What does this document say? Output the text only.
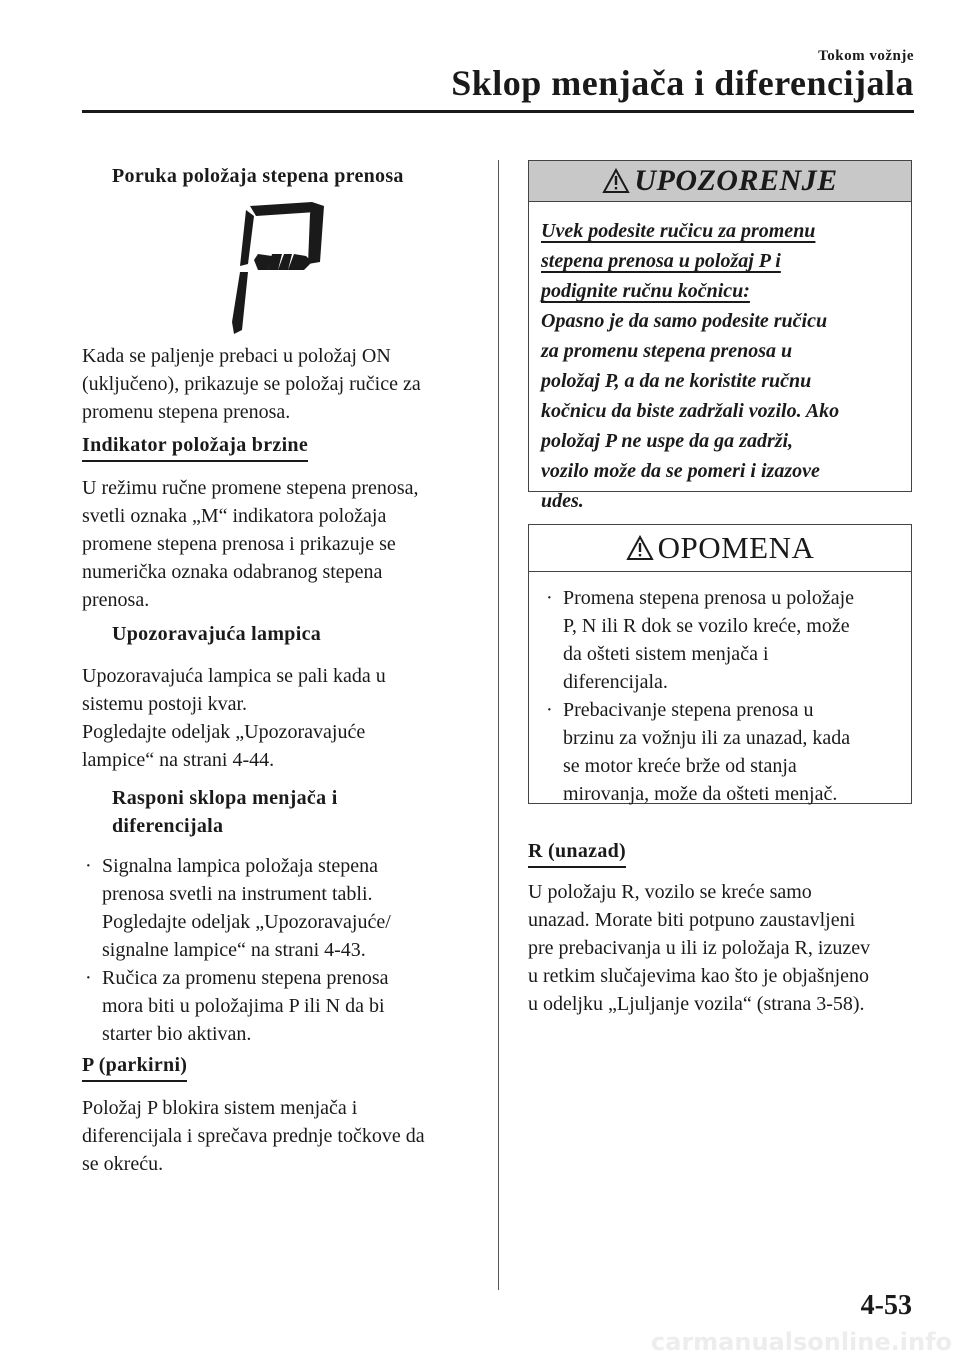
Tokom vožnje
Sklop menjača i diferencijala
Poruka položaja stepena prenosa

Kada se paljenje prebaci u položaj ON

(uključeno), prikazuje se položaj ručice za

promenu stepena prenosa.

Indikator položaja brzine

U režimu ručne promene stepena prenosa,

svetli oznaka „M“ indikatora položaja

promene stepena prenosa i prikazuje se

numerička oznaka odabranog stepena

prenosa.

Upozoravajuća lampica

Upozoravajuća lampica se pali kada u

sistemu postoji kvar.

Pogledajte odeljak „Upozoravajuće

lampice“ na strani 4-44.

Rasponi sklopa menjača i
diferencijala
· Signalna lampica položaja stepena
prenosa svetli na instrument tabli.
Pogledajte odeljak „Upozoravajuće/
signalne lampice“ na strani 4-43.
· Ručica za promenu stepena prenosa
mora biti u položajima P ili N da bi
starter bio aktivan.
P (parkirni)

Položaj P blokira sistem menjača i

diferencijala i sprečava prednje točkove da

se okreću.

UPOZORENJE
Uvek podesite ručicu za promenu
stepena prenosa u položaj P i
podignite ručnu kočnicu:
Opasno je da samo podesite ručicu
za promenu stepena prenosa u
položaj P, a da ne koristite ručnu
kočnicu da biste zadržali vozilo. Ako
položaj P ne uspe da ga zadrži,
vozilo može da se pomeri i izazove
udes.
OPOMENA
· Promena stepena prenosa u položaje
P, N ili R dok se vozilo kreće, može
da ošteti sistem menjača i
diferencijala.
· Prebacivanje stepena prenosa u
brzinu za vožnju ili za unazad, kada
se motor kreće brže od stanja
mirovanja, može da ošteti menjač.
R (unazad)

U položaju R, vozilo se kreće samo

unazad. Morate biti potpuno zaustavljeni

pre prebacivanja u ili iz položaja R, izuzev

u retkim slučajevima kao što je objašnjeno

u odeljku „Ljuljanje vozila“ (strana 3-58).

4-53
carmanualsonline.info
